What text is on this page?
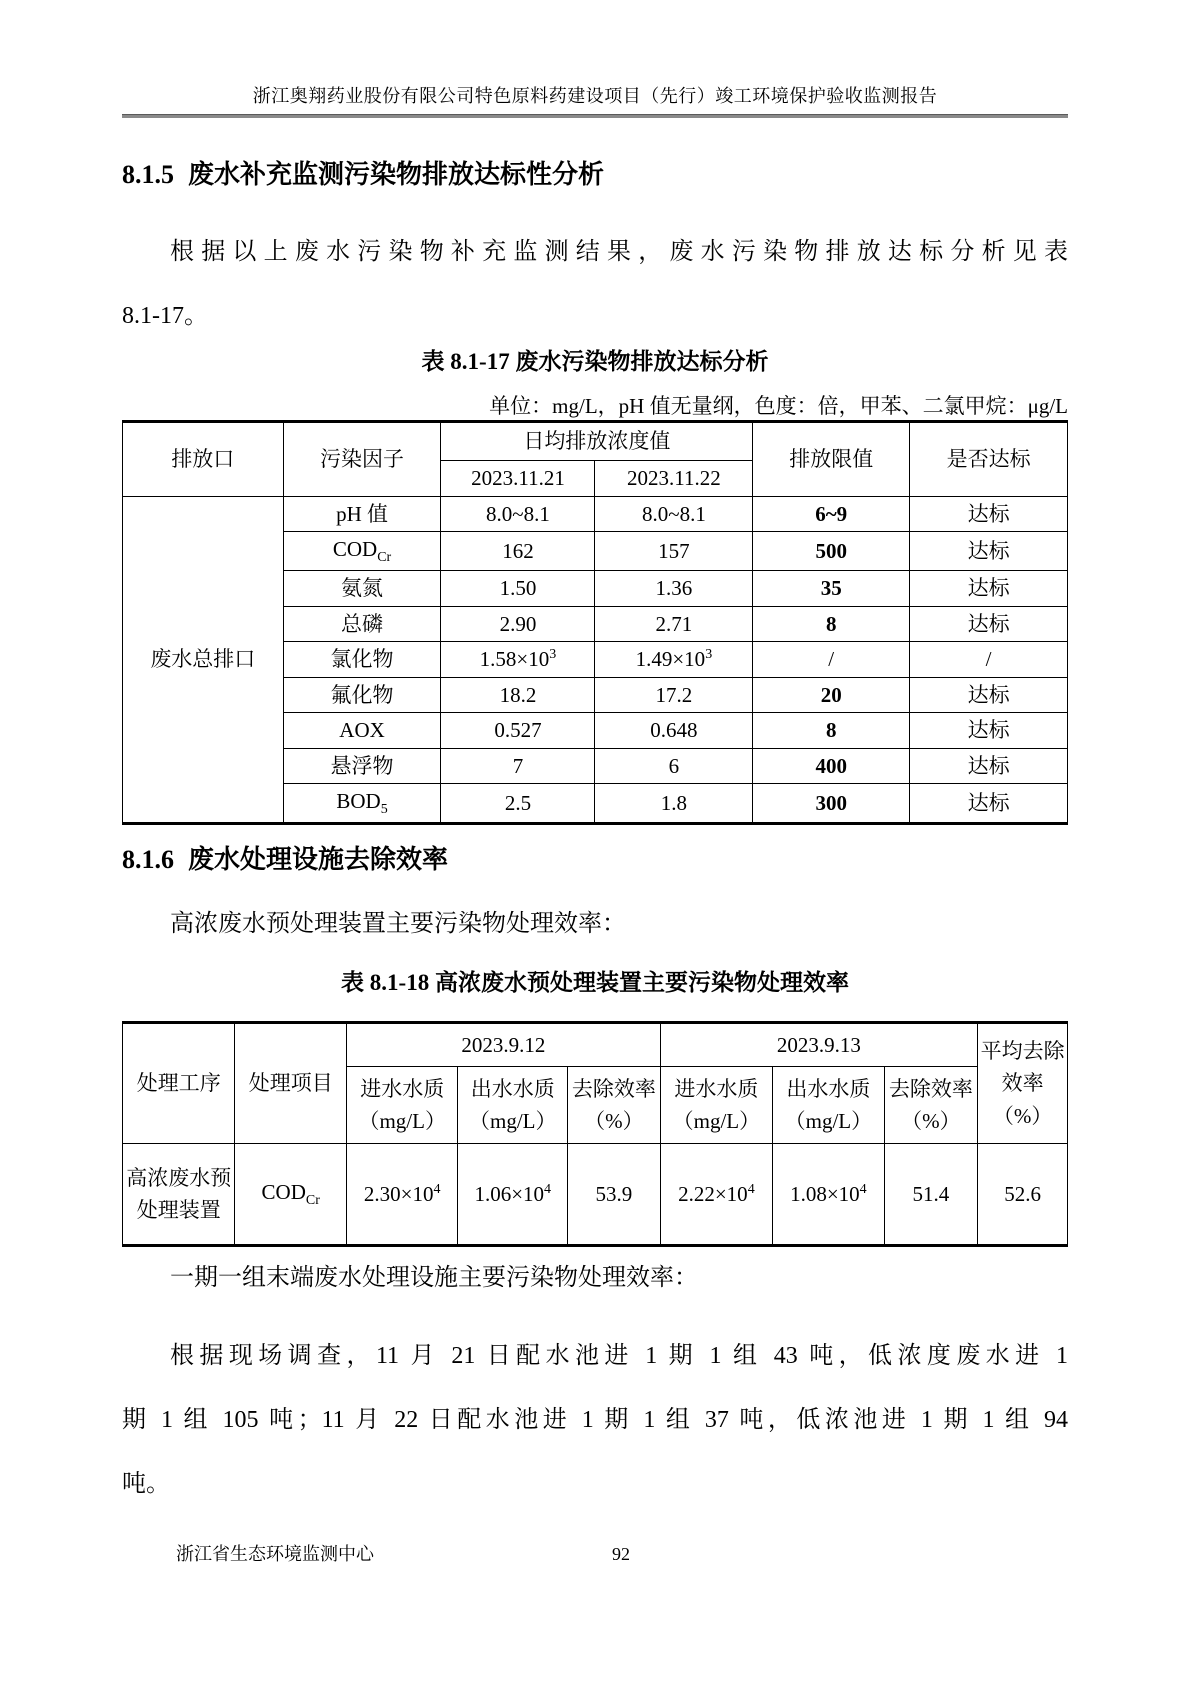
浙江奥翔药业股份有限公司特色原料药建设项目（先行）竣工环境保护验收监测报告
8.1.5 废水补充监测污染物排放达标性分析
根据以上废水污染物补充监测结果，废水污染物排放达标分析见表
8.1-17。
表 8.1-17 废水污染物排放达标分析
单位：mg/L，pH 值无量纲，色度：倍，甲苯、二氯甲烷：μg/L
排放口	污染因子	日均排放浓度值		排放限值	是否达标
		2023.11.21	2023.11.22		
废水总排口	pH 值	8.0~8.1	8.0~8.1	6~9	达标
	$COD_{Cr}$	162	157	500	达标
	氨氮	1.50	1.36	35	达标
	总磷	2.90	2.71	8	达标
	氯化物	$1.58\times 10^3$	$1.49\times 10^3$	/	/
	氟化物	18.2	17.2	20	达标
	AOX	0.527	0.648	8	达标
	悬浮物	7	6	400	达标
	$BOD_5$	2.5	1.8	300	达标
8.1.6 废水处理设施去除效率
高浓废水预处理装置主要污染物处理效率：
表 8.1-18 高浓废水预处理装置主要污染物处理效率
处理工序	处理项目	2023.9.12			2023.9.13			平均去除效率（%）
		进水水质（mg/L）	出水水质（mg/L）	去除效率（%）	进水水质（mg/L）	出水水质（mg/L）	去除效率（%）	
高浓废水预处理装置	$COD_{Cr}$	$2.30\times 10^4$	$1.06\times 10^4$	53.9	$2.22\times 10^4$	$1.08\times 10^4$	51.4	52.6
一期一组末端废水处理设施主要污染物处理效率：
根据现场调查，11 月 21 日配水池进 1 期 1 组 43 吨，低浓度废水进 1
期 1 组 105 吨；11 月 22 日配水池进 1 期 1 组 37 吨，低浓池进 1 期 1 组 94
吨。
浙江省生态环境监测中心	92
